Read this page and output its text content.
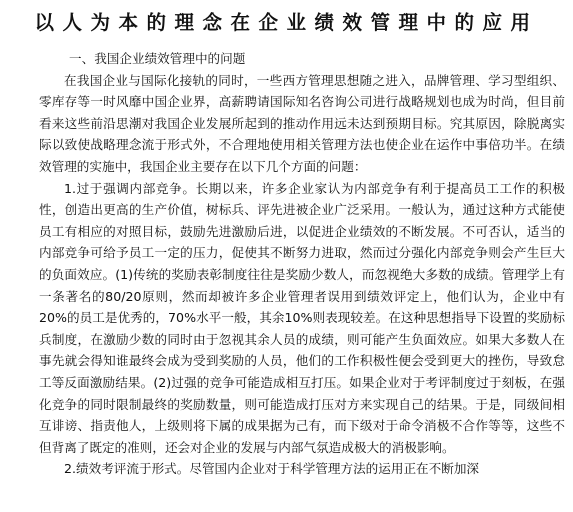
以人为本的理念在企业绩效管理中的应用

一、我国企业绩效管理中的问题

在我国企业与国际化接轨的同时，一些西方管理思想随之进入，品牌管理、学习型组织、零库存等一时风靡中国企业界，高薪聘请国际知名咨询公司进行战略规划也成为时尚，但目前看来这些前沿思潮对我国企业发展所起到的推动作用远未达到预期目标。究其原因，除脱离实际以致使战略理念流于形式外，不合理地使用相关管理方法也使企业在运作中事倍功半。在绩效管理的实施中，我国企业主要存在以下几个方面的问题：

1.过于强调内部竞争。长期以来，许多企业家认为内部竞争有利于提高员工工作的积极性，创造出更高的生产价值，树标兵、评先进被企业广泛采用。一般认为，通过这种方式能使员工有相应的对照目标，鼓励先进激励后进，以促进企业绩效的不断发展。不可否认，适当的内部竞争可给予员工一定的压力，促使其不断努力进取，然而过分强化内部竞争则会产生巨大的负面效应。(1)传统的奖励表彰制度往往是奖励少数人，而忽视绝大多数的成绩。管理学上有一条著名的80/20原则，然而却被许多企业管理者误用到绩效评定上，他们认为，企业中有20%的员工是优秀的，70%水平一般，其余10%则表现较差。在这种思想指导下设置的奖励标兵制度，在激励少数的同时由于忽视其余人员的成绩，则可能产生负面效应。如果大多数人在事先就会得知谁最终会成为受到奖励的人员，他们的工作积极性便会受到更大的挫伤，导致怠工等反面激励结果。(2)过强的竞争可能造成相互打压。如果企业对于考评制度过于刻板，在强化竞争的同时限制最终的奖励数量，则可能造成打压对方来实现自己的结果。于是，同级间相互诽谤、指责他人，上级则将下属的成果据为己有，而下级对于命令消极不合作等等，这些不但背离了既定的准则，还会对企业的发展与内部气氛造成极大的消极影响。

2.绩效考评流于形式。尽管国内企业对于科学管理方法的运用正在不断加深
